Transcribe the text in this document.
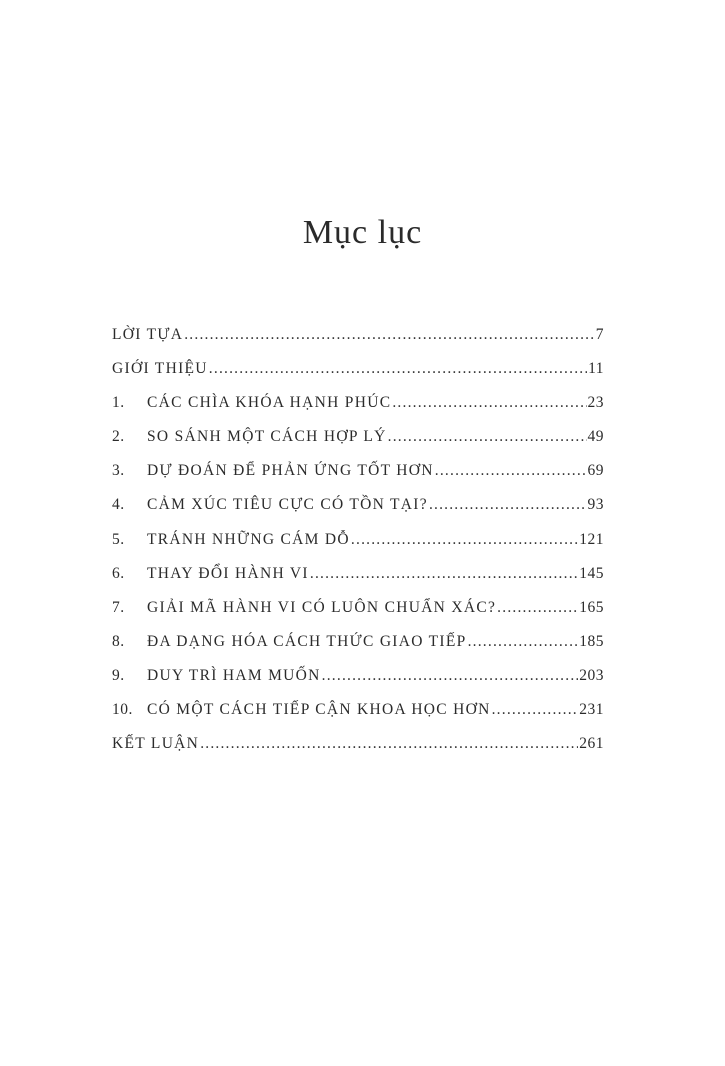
Mục lục
LỜI TỰA .....	7
GIỚI THIỆU .....	11
1.	CÁC CHÌA KHÓA HẠNH PHÚC .....	23
2.	SO SÁNH MỘT CÁCH HỢP LÝ .....	49
3.	DỰ ĐOÁN ĐỂ PHẢN ỨNG TỐT HƠN .....	69
4.	CẢM XÚC TIÊU CỰC CÓ TỒN TẠI? .....	93
5.	TRÁNH NHỮNG CÁM DỖ .....	121
6.	THAY ĐỔI HÀNH VI .....	145
7.	GIẢI MÃ HÀNH VI CÓ LUÔN CHUẨN XÁC? .....	165
8.	ĐA DẠNG HÓA CÁCH THỨC GIAO TIẾP .....	185
9.	DUY TRÌ HAM MUỐN .....	203
10. CÓ MỘT CÁCH TIẾP CẬN KHOA HỌC HƠN .....	231
KẾT LUẬN .....	261
